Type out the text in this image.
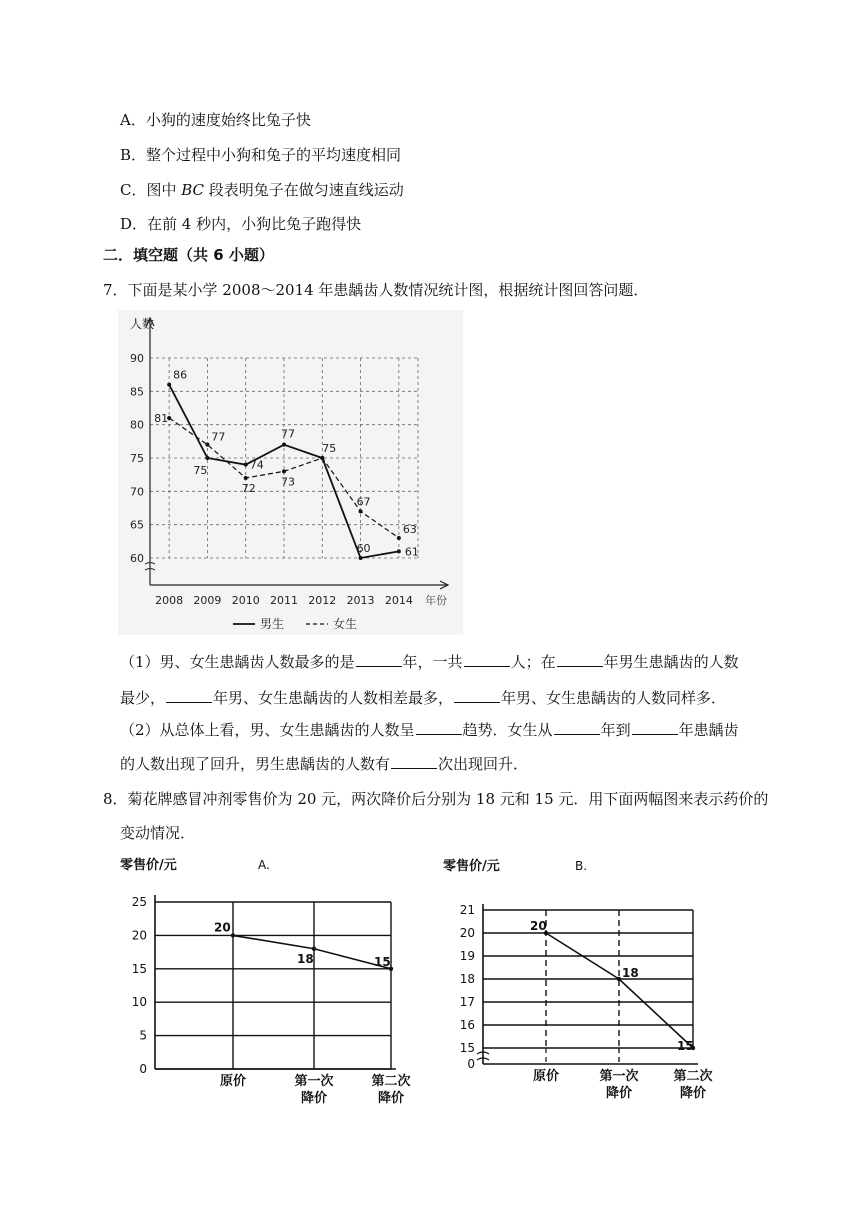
A．小狗的速度始终比兔子快
B．整个过程中小狗和兔子的平均速度相同
C．图中 BC 段表明兔子在做匀速直线运动
D．在前 4 秒内，小狗比兔子跑得快
二．填空题（共 6 小题）
7．下面是某小学 2008～2014 年患龋齿人数情况统计图，根据统计图回答问题．
60
65
70
75
80
85
90
2008 2009 2010 2011 2012 2013 2014
人数
年份
86
75	74
77
75
60	61
81
77
72
73
67
63
男生	女生
（1）男、女生患龋齿人数最多的是	年，一共	人；在	年男生患龋齿的人数
最少，	年男、女生患龋齿的人数相差最多，	年男、女生患龋齿的人数同样多．
（2）从总体上看，男、女生患龋齿的人数呈	趋势．女生从	年到	年患龋齿
的人数出现了回升，男生患龋齿的人数有	次出现回升．
8．菊花牌感冒冲剂零售价为 20 元，两次降价后分别为 18 元和 15 元．用下面两幅图来表示药价的
变动情况．
0
5
10
15
20
25
零售价/元	A.
原价	第一次
降价
第二次
降价
20
18	15
15
16
17
18
19
20
21
0
零售价/元	B.
原价	第一次
降价
第二次
降价
20
18
15
